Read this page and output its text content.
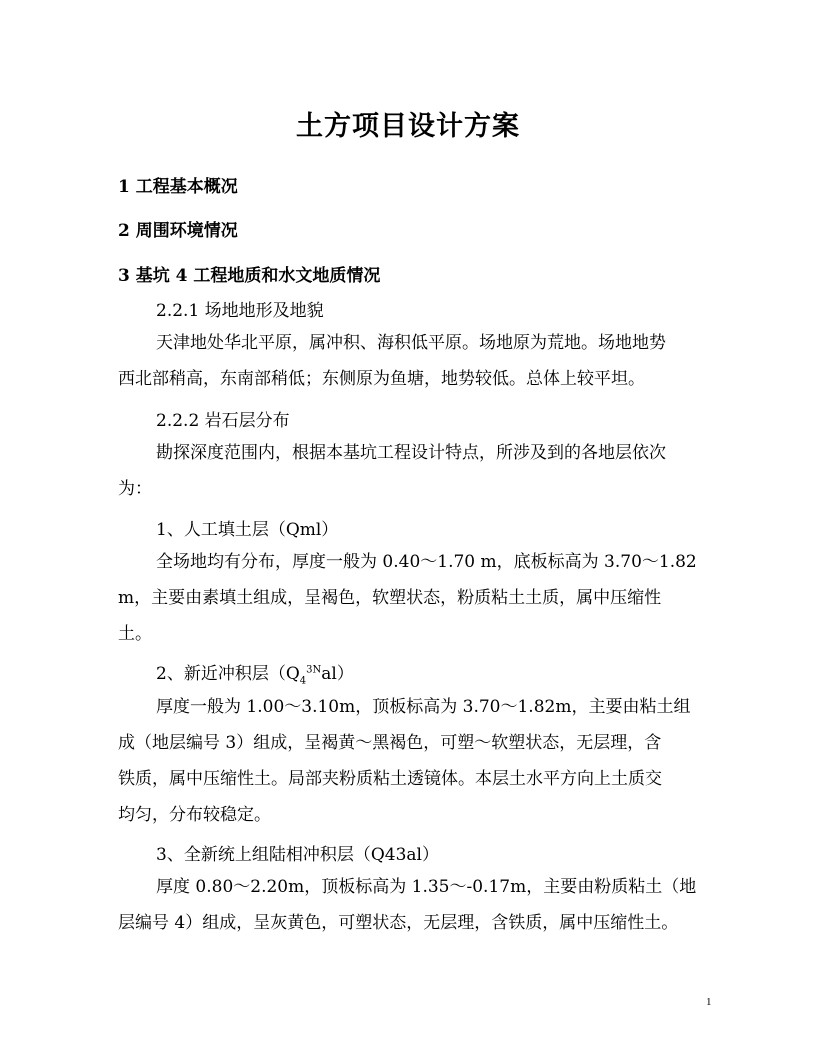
土方项目设计方案
1 工程基本概况
2 周围环境情况
3 基坑 4 工程地质和水文地质情况
2.2.1 场地地形及地貌
天津地处华北平原，属冲积、海积低平原。场地原为荒地。场地地势
西北部稍高，东南部稍低；东侧原为鱼塘，地势较低。总体上较平坦。
2.2.2 岩石层分布
勘探深度范围内，根据本基坑工程设计特点，所涉及到的各地层依次
为：
1、人工填土层（Qml）
全场地均有分布，厚度一般为 0.40～1.70 m，底板标高为 3.70～1.82
m，主要由素填土组成，呈褐色，软塑状态，粉质粘土土质，属中压缩性
土。
2、新近冲积层$(Q_4^{3N}al)$
厚度一般为 1.00～3.10m，顶板标高为 3.70～1.82m，主要由粘土组
成（地层编号 3）组成，呈褐黄～黑褐色，可塑～软塑状态，无层理，含
铁质，属中压缩性土。局部夹粉质粘土透镜体。本层土水平方向上土质交
均匀，分布较稳定。
3、全新统上组陆相冲积层（Q43al）
厚度 0.80～2.20m，顶板标高为 1.35～-0.17m，主要由粉质粘土（地
层编号 4）组成，呈灰黄色，可塑状态，无层理，含铁质，属中压缩性土。
1
